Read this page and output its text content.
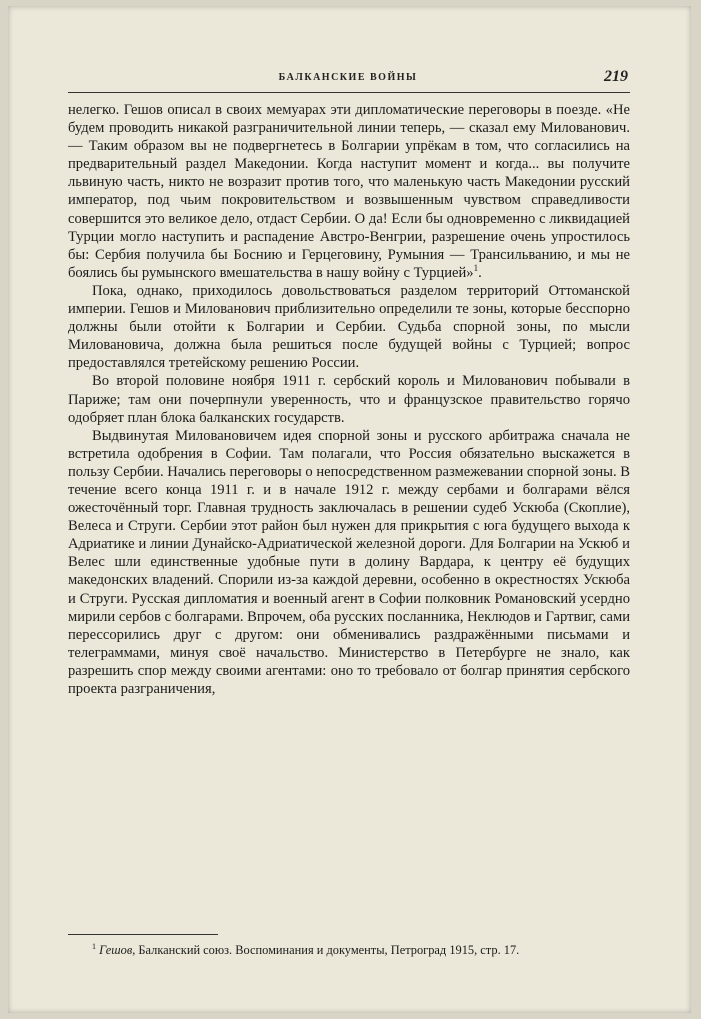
БАЛКАНСКИЕ ВОЙНЫ	219

нелегко. Гешов описал в своих мемуарах эти дипломатические переговоры в поезде. «Не будем проводить никакой разграничительной линии теперь, — сказал ему Милованович. — Таким образом вы не подвергнетесь в Болгарии упрёкам в том, что согласились на предварительный раздел Македонии. Когда наступит момент и когда... вы получите львиную часть, никто не возразит против того, что маленькую часть Македонии русский император, под чьим покровительством и возвышенным чувством справедливости совершится это великое дело, отдаст Сербии. О да! Если бы одновременно с ликвидацией Турции могло наступить и распадение Австро-Венгрии, разрешение очень упростилось бы: Сербия получила бы Боснию и Герцеговину, Румыния — Трансильванию, и мы не боялись бы румынского вмешательства в нашу войну с Турцией»$^1$.

Пока, однако, приходилось довольствоваться разделом территорий Оттоманской империи. Гешов и Милованович приблизительно определили те зоны, которые бесспорно должны были отойти к Болгарии и Сербии. Судьба спорной зоны, по мысли Миловановича, должна была решиться после будущей войны с Турцией; вопрос предоставлялся третейскому решению России.

Во второй половине ноября 1911 г. сербский король и Милованович побывали в Париже; там они почерпнули уверенность, что и французское правительство горячо одобряет план блока балканских государств.

Выдвинутая Миловановичем идея спорной зоны и русского арбитража сначала не встретила одобрения в Софии. Там полагали, что Россия обязательно выскажется в пользу Сербии. Начались переговоры о непосредственном размежевании спорной зоны. В течение всего конца 1911 г. и в начале 1912 г. между сербами и болгарами вёлся ожесточённый торг. Главная трудность заключалась в решении судеб Ускюба (Скоплие), Велеса и Струги. Сербии этот район был нужен для прикрытия с юга будущего выхода к Адриатике и линии Дунайско-Адриатической железной дороги. Для Болгарии на Ускюб и Велес шли единственные удобные пути в долину Вардара, к центру её будущих македонских владений. Спорили из-за каждой деревни, особенно в окрестностях Ускюба и Струги. Русская дипломатия и военный агент в Софии полковник Романовский усердно мирили сербов с болгарами. Впрочем, оба русских посланника, Неклюдов и Гартвиг, сами перессорились друг с другом: они обменивались раздражёнными письмами и телеграммами, минуя своё начальство. Министерство в Петербурге не знало, как разрешить спор между своими агентами: оно то требовало от болгар принятия сербского проекта разграничения,

$^1$ Гешов, Балканский союз. Воспоминания и документы, Петроград 1915, стр. 17.
